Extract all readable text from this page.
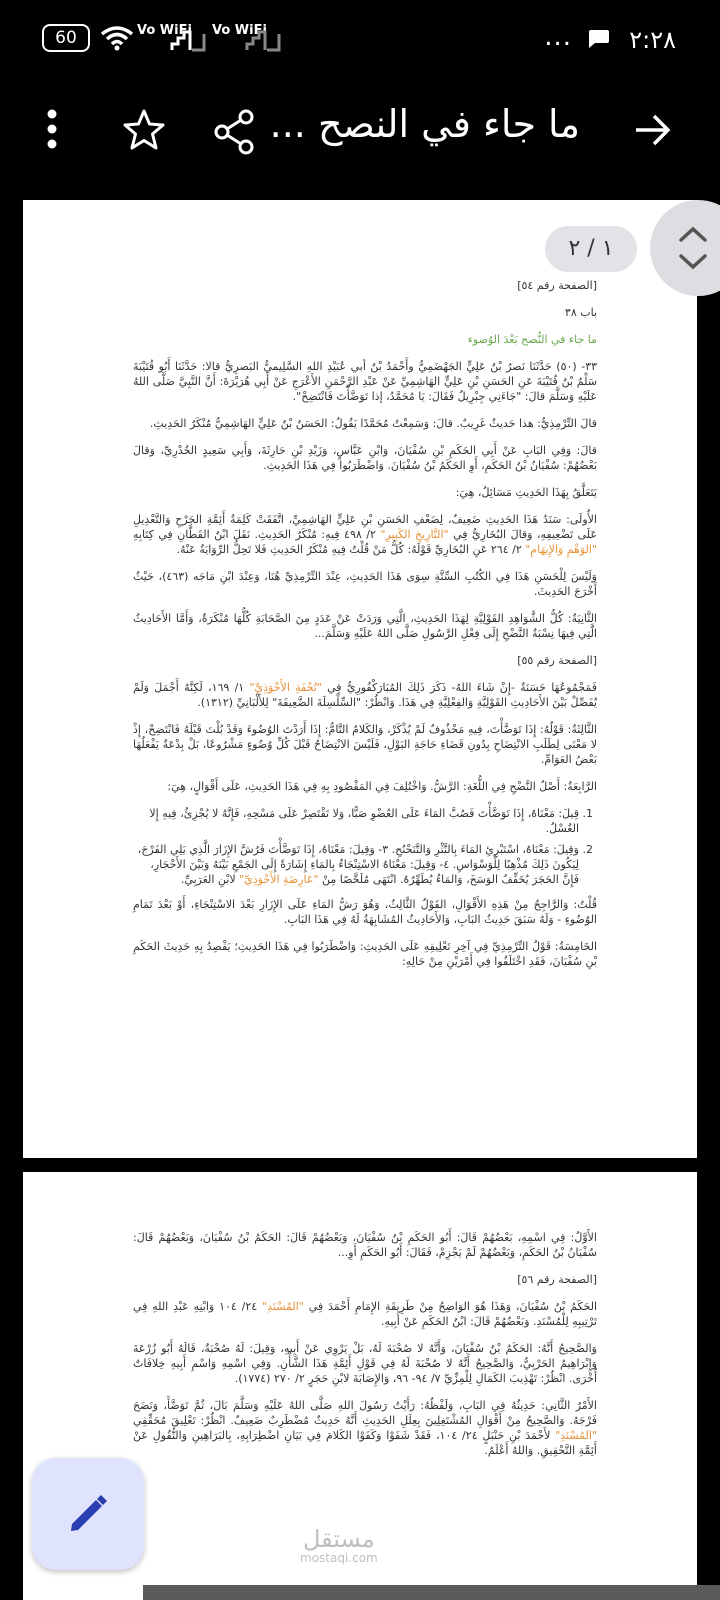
60	Vo WiFi Vo WiFi	... ٢:٢٨
ما جاء في النصح ...

[الصفحة رقم ٥٤]

باب ٣٨

ما جاء في النُّصح بَعْدَ الوُضوء

٣٣- (٥٠) حَدَّثَنَا نَصرُ بْنُ عَلِيٍّ الجَهْضَمِيُّ وأَحْمَدُ بْنُ أبي عُبَيْدِ اللهِ السَّلِيميُّ البَصرِيُّ قالا: حَدَّثَنَا أَبُو قُتَيْبَةَ سَلْمُ بْنُ قُتَيْبَةَ عَنِ الحَسَنِ بْنِ عَلِيٍّ الهَاشِمِيِّ عَنْ عَبْدِ الرَّحْمَنِ الأَعْرَجِ عَنْ أَبِي هُرَيْرَةَ: أَنَّ النَّبِيَّ صَلَّى اللهُ عَلَيْهِ وَسَلَّمَ قالَ: "جَاءَنِي جِبْرِيلُ فَقَالَ: يَا مُحَمَّدُ، إذا تَوَضَّأْتَ فَانْتَضِحْ".

قالَ التِّرْمِذِيُّ: هذا حَديثٌ غَرِيبٌ. قالَ: وَسَمِعْتُ مُحَمَّدًا يَقُولُ: الحَسَنُ بْنُ عَلِيٍّ الهَاشِمِيُّ مُنْكَرُ الحَدِيثِ.

قالَ: وَفِي البَابِ عَنْ أَبِي الحَكَمِ بْنِ سُفْيَانَ، وَابْنِ عَبَّاسٍ، وَزَيْدِ بْنِ حَارِثَةَ، وَأَبِي سَعِيدٍ الخُدْرِيِّ، وَقالَ بَعْضُهُمْ: سُفْيَانُ بْنُ الحَكَمِ، أَوِ الحَكَمُ بْنُ سُفْيَانَ. وَاضْطَرَبُوا فِي هَذَا الحَدِيثِ.

يَتَعَلَّقُ بِهَذَا الحَدِيثِ مَسَائِلُ، هِيَ:

الأُولَى: سَنَدُ هَذَا الحَدِيثِ ضَعِيفٌ، لِضَعْفِ الحَسَنِ بْنِ عَلِيٍّ الهَاشِمِيِّ، اتَّفَقَتْ كَلِمَةُ أَئِمَّةِ الجَرْحِ وَالتَّعْدِيلِ عَلَى تَضْعِيفِهِ، وَقالَ البُخَارِيُّ فِي "التَّارِيخِ الكَبِيرِ" ٢/ ٤٩٨ فِيهِ: مُنْكَرُ الحَدِيثِ. نَقَلَ ابْنُ القَطَّانِ فِي كِتَابِهِ "الوَهْمِ وَالإِيهَامِ" ٢/ ٢٦٤ عَنِ البُخَارِيِّ قَوْلَهُ: كُلُّ مَنْ قُلْتُ فِيهِ مُنْكَرُ الحَدِيثِ فَلا تَحِلُّ الرِّوَايَةُ عَنْهُ.

وَلَيْسَ لِلْحَسَنِ هَذَا فِي الكُتُبِ السِّتَّةِ سِوَى هَذَا الحَدِيثِ، عِنْدَ التِّرْمِذِيِّ هُنَا، وَعِنْدَ ابْنِ مَاجَه (٤٦٣)، حَيْثُ أَخْرَجَ الحَدِيثَ.

الثَّانِيَةُ: كُلُّ الشَّوَاهِدِ القَوْلِيَّةِ لِهَذَا الحَدِيثِ، الَّتِي وَرَدَتْ عَنْ عَدَدٍ مِنَ الصَّحَابَةِ كُلُّهَا مُنْكَرَةٌ، وَأَمَّا الأَحَادِيثُ الَّتِي فِيهَا نِسْبَةُ النَّضْحِ إِلَى فِعْلِ الرَّسُولِ صَلَّى اللهُ عَلَيْهِ وَسَلَّمَ...

[الصفحة رقم ٥٥]

فَمَجْمُوعُهَا حَسَنَةٌ -إِنْ شَاءَ اللهُ- ذَكَرَ ذَلِكَ المُبَارَكْفُورِيُّ فِي "تُحْفَةِ الأَحْوَذِيِّ" ١/ ١٦٩، لَكِنَّهُ أَجْمَلَ وَلَمْ يُفَصِّلْ بَيْنَ الأَحَادِيثِ القَوْلِيَّةِ وَالفِعْلِيَّةِ فِي هَذَا. وَانْظُرْ: "السِّلْسِلَةَ الضَّعِيفَةَ" لِلأَلْبَانِيِّ (١٣١٢).

الثَّالِثَةُ: قَوْلُهُ: إِذَا تَوَضَّأْتَ، فِيهِ مَحْذُوفٌ لَمْ يُذْكَرْ، وَالكَلامُ التَّامُّ: إِذَا أَرَدْتَ الوُضُوءَ وَقَدْ بُلْتَ قَبْلَهُ فَانْتَضِحْ، إِذْ لا مَعْنَى لِطَلَبِ الانْتِضَاحِ بِدُونِ قَضَاءِ حَاجَةِ البَوْلِ، فَلَيْسَ الانْتِضَاحُ قَبْلَ كُلِّ وُضُوءٍ مَشْرُوعًا، بَلْ بِدْعَةٌ يَفْعَلُهَا بَعْضُ العَوَامِّ.

الرَّابِعَةُ: أَصْلُ النَّضْحِ فِي اللُّغَةِ: الرَّشُّ. وَاخْتُلِفَ فِي المَقْصُودِ بِهِ فِي هَذَا الحَدِيثِ، عَلَى أَقْوَالٍ، هِيَ:

1. قِيلَ: مَعْنَاهُ، إِذَا تَوَضَّأْتَ فَصُبَّ المَاءَ عَلَى العُضْوِ صَبًّا، وَلا تَقْتَصِرْ عَلَى مَسْحِهِ، فَإِنَّهُ لا يُجْزِئُ، فِيهِ إِلا الغُسْلُ.
2. وَقِيلَ: مَعْنَاهُ، اسْتَبْرِئِ المَاءَ بِالنَّثْرِ وَالتَّنَحْنُحِ. ٣- وَقِيلَ: مَعْنَاهُ، إِذَا تَوَضَّأْتَ فَرُشَّ الإِزَارَ الَّذِي يَلِي الفَرْجَ، لِيَكُونَ ذَلِكَ مُذْهِبًا لِلْوَسْوَاسِ. ٤- وَقِيلَ: مَعْنَاهُ الاسْتِنْجَاءُ بِالمَاءِ إِشَارَةً إِلَى الجَمْعِ بَيْنَهُ وَبَيْنَ الأَحْجَارِ، فَإِنَّ الحَجَرَ يُخَفِّفُ الوَسَخَ، وَالمَاءُ يُطَهِّرُهُ. انْتَهَى مُلَخَّصًا مِنْ "عَارِضَةِ الأَحْوَذِيِّ" لابْنِ العَرَبِيِّ.

قُلْتُ: وَالرَّاجِحُ مِنْ هَذِهِ الأَقْوَالِ، القَوْلُ الثَّالِثُ، وَهُوَ رَشُّ المَاءِ عَلَى الإِزَارِ بَعْدَ الاسْتِنْجَاءِ، أَوْ بَعْدَ تَمَامِ الوُضُوءِ - وَلَهُ سَبَقَ حَدِيثُ البَابِ، وَالأَحَادِيثُ المُشَابِهَةُ لَهُ فِي هَذَا البَابِ.

الخَامِسَةُ: قَوْلُ التِّرْمِذِيِّ فِي آخِرِ تَعْلِيقِهِ عَلَى الحَدِيثِ: وَاضْطَرَبُوا فِي هَذَا الحَدِيثِ؛ يَقْصِدُ بِهِ حَدِيثَ الحَكَمِ بْنِ سُفْيَانَ، فَقَدِ اخْتَلَفُوا فِي أَمْرَيْنِ مِنْ حَالِهِ:

الأَوَّلُ: فِي اسْمِهِ، بَعْضُهُمْ قَالَ: أَبُو الحَكَمِ بْنُ سُفْيَانَ، وَبَعْضُهُمْ قَالَ: الحَكَمُ بْنُ سُفْيَانَ، وَبَعْضُهُمْ قَالَ: سُفْيَانُ بْنُ الحَكَمِ، وَبَعْضُهُمْ لَمْ يَجْزِمْ، فَقَالَ: أَبُو الحَكَمِ أَوِ...

[الصفحة رقم ٥٦]

الحَكَمُ بْنُ سُفْيَانَ، وَهَذَا هُوَ الوَاضِحُ مِنْ طَرِيقَةِ الإِمَامِ أَحْمَدَ فِي "المُسْنَدِ" ٢٤/ ١٠٤ وَابْنِهِ عَبْدِ اللهِ فِي تَرْتِيبِهِ لِلْمُسْنَدِ. وَبَعْضُهُمْ قَالَ: ابْنُ الحَكَمِ عَنْ أَبِيهِ.

وَالصَّحِيحُ أَنَّهُ: الحَكَمُ بْنُ سُفْيَانَ، وَأَنَّهُ لا صُحْبَةَ لَهُ، بَلْ يَرْوِي عَنْ أَبِيهِ، وَقِيلَ: لَهُ صُحْبَةٌ، قَالَهُ أَبُو زُرْعَةَ وَإِبْرَاهِيمُ الحَرْبِيُّ، وَالصَّحِيحُ أَنَّهُ لا صُحْبَةَ لَهُ فِي قَوْلِ أَئِمَّةِ هَذَا الشَّأْنِ. وَفِي اسْمِهِ وَاسْمِ أَبِيهِ خِلافَاتٌ أُخْرَى. انْظُرْ: تَهْذِيبَ الكَمَالِ لِلْمِزِّيِّ ٧/ ٩٤- ٩٦، وَالإِصَابَةَ لابْنِ حَجَرٍ ٢/ ٢٧٠ (١٧٧٤).

الأَمْرُ الثَّانِي: حَدِيثُهُ فِي البَابِ، وَلَفْظُهُ: رَأَيْتُ رَسُولَ اللهِ صَلَّى اللهُ عَلَيْهِ وَسَلَّمَ بَالَ، ثُمَّ تَوَضَّأَ، وَنَضَحَ فَرْجَهُ. وَالصَّحِيحُ مِنْ أَقْوَالِ المُشْتَغِلِينَ بِعِلَلِ الحَدِيثِ أَنَّهُ حَدِيثٌ مُضْطَرِبٌ ضَعِيفٌ. انْظُرْ: تَعْلِيقَ مُحَقِّقِي "المُسْنَدِ" لأَحْمَدَ بْنِ حَنْبَلٍ ٢٤/ ١٠٤، فَقَدْ شَفَوْا وَكَفَوْا الكَلامَ فِي بَيَانِ اضْطِرَابِهِ، بِالبَرَاهِينِ وَالنُّقُولِ عَنْ أَئِمَّةِ التَّحْقِيقِ. وَاللهُ أَعْلَمُ.

١ / ٢
مستقل
mostaqi.com
